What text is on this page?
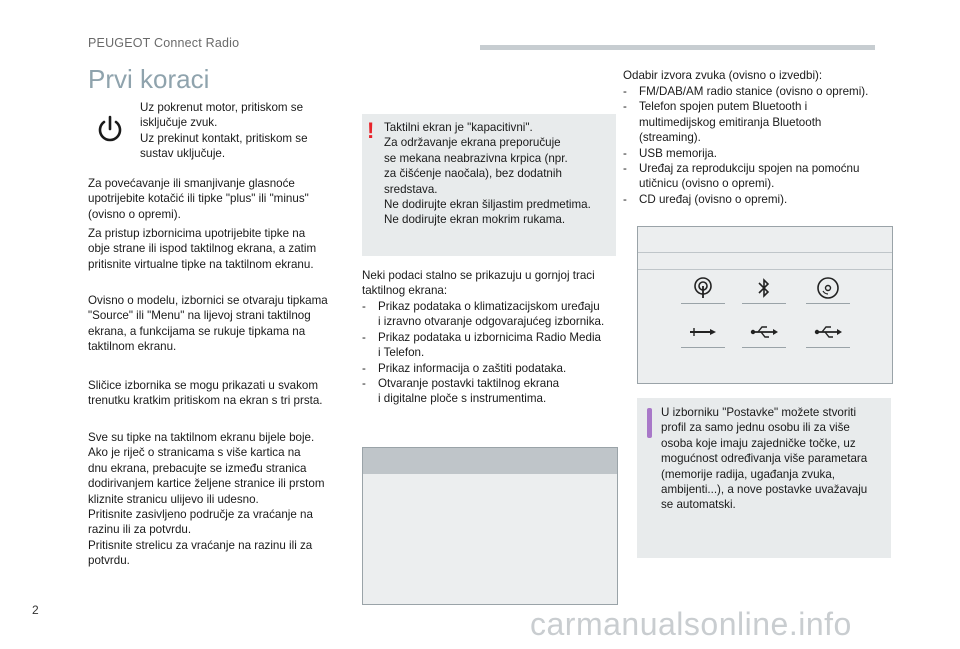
PEUGEOT Connect Radio
Prvi koraci

Uz pokrenut motor, pritiskom se

isključuje zvuk.

Uz prekinut kontakt, pritiskom se

sustav uključuje.

Za povećavanje ili smanjivanje glasnoće

upotrijebite kotačić ili tipke "plus" ili "minus"

(ovisno o opremi).

Za pristup izbornicima upotrijebite tipke na

obje strane ili ispod taktilnog ekrana, a zatim

pritisnite virtualne tipke na taktilnom ekranu.

Ovisno o modelu, izbornici se otvaraju tipkama

"Source" ili "Menu" na lijevoj strani taktilnog

ekrana, a funkcijama se rukuje tipkama na

taktilnom ekranu.

Sličice izbornika se mogu prikazati u svakom

trenutku kratkim pritiskom na ekran s tri prsta.

Sve su tipke na taktilnom ekranu bijele boje.

Ako je riječ o stranicama s više kartica na

dnu ekrana, prebacujte se između stranica

dodirivanjem kartice željene stranice ili prstom

kliznite stranicu ulijevo ili udesno.

Pritisnite zasivljeno područje za vraćanje na

razinu ili za potvrdu.

Pritisnite strelicu za vraćanje na razinu ili za

potvrdu.

! Taktilni ekran je "kapacitivni".

Za održavanje ekrana preporučuje

se mekana neabrazivna krpica (npr.

za čišćenje naočala), bez dodatnih

sredstava.

Ne dodirujte ekran šiljastim predmetima.

Ne dodirujte ekran mokrim rukama.

Neki podaci stalno se prikazuju u gornjoj traci

taktilnog ekrana:

- Prikaz podataka o klimatizacijskom uređaju
i izravno otvaranje odgovarajućeg izbornika.
- Prikaz podataka u izbornicima Radio Media
i Telefon.
- Prikaz informacija o zaštiti podataka.
- Otvaranje postavki taktilnog ekrana
i digitalne ploče s instrumentima.
Odabir izvora zvuka (ovisno o izvedbi):
- FM/DAB/AM radio stanice (ovisno o opremi).
- Telefon spojen putem Bluetooth i
multimedijskog emitiranja Bluetooth
(streaming).
- USB memorija.
- Uređaj za reprodukciju spojen na pomoćnu
utičnicu (ovisno o opremi).
- CD uređaj (ovisno o opremi).

U izborniku "Postavke" možete stvoriti

profil za samo jednu osobu ili za više

osoba koje imaju zajedničke točke, uz

mogućnost određivanja više parametara

(memorije radija, ugađanja zvuka,

ambijenti...), a nove postavke uvažavaju

se automatski.

2	carmanualsonline.info
